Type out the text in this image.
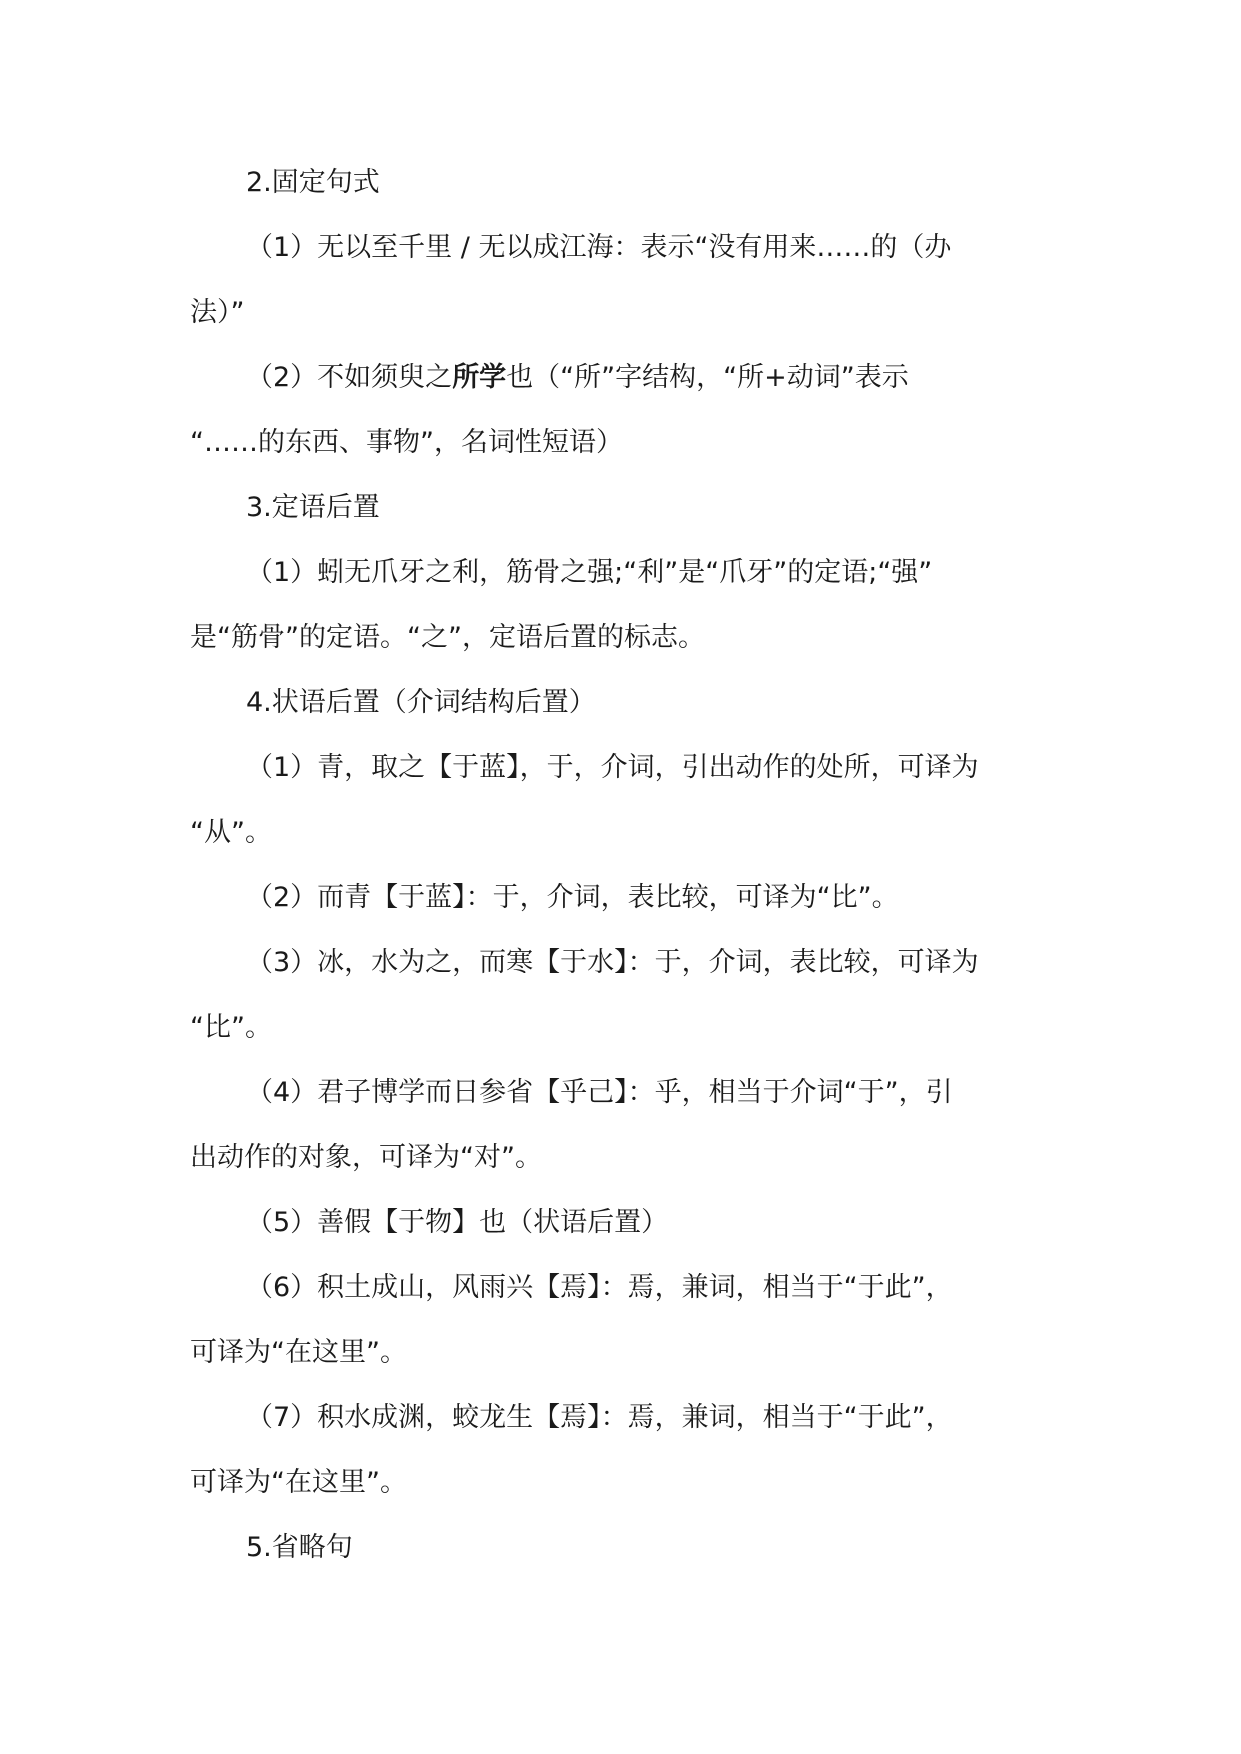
2.固定句式
（1）无以至千里 / 无以成江海：表示“没有用来……的（办
法）”
（2）不如须臾之所学也（“所”字结构，“所+动词”表示
“……的东西、事物”，名词性短语）
3.定语后置
（1）蚓无爪牙之利，筋骨之强;“利”是“爪牙”的定语;“强”
是“筋骨”的定语。“之”，定语后置的标志。
4.状语后置（介词结构后置）
（1）青，取之【于蓝】，于，介词，引出动作的处所，可译为
“从”。
（2）而青【于蓝】：于，介词，表比较，可译为“比”。
（3）冰，水为之，而寒【于水】：于，介词，表比较，可译为
“比”。
（4）君子博学而日参省【乎己】：乎，相当于介词“于”，引
出动作的对象，可译为“对”。
（5）善假【于物】也（状语后置）
（6）积土成山，风雨兴【焉】：焉，兼词，相当于“于此”，
可译为“在这里”。
（7）积水成渊，蛟龙生【焉】：焉，兼词，相当于“于此”，
可译为“在这里”。
5.省略句
